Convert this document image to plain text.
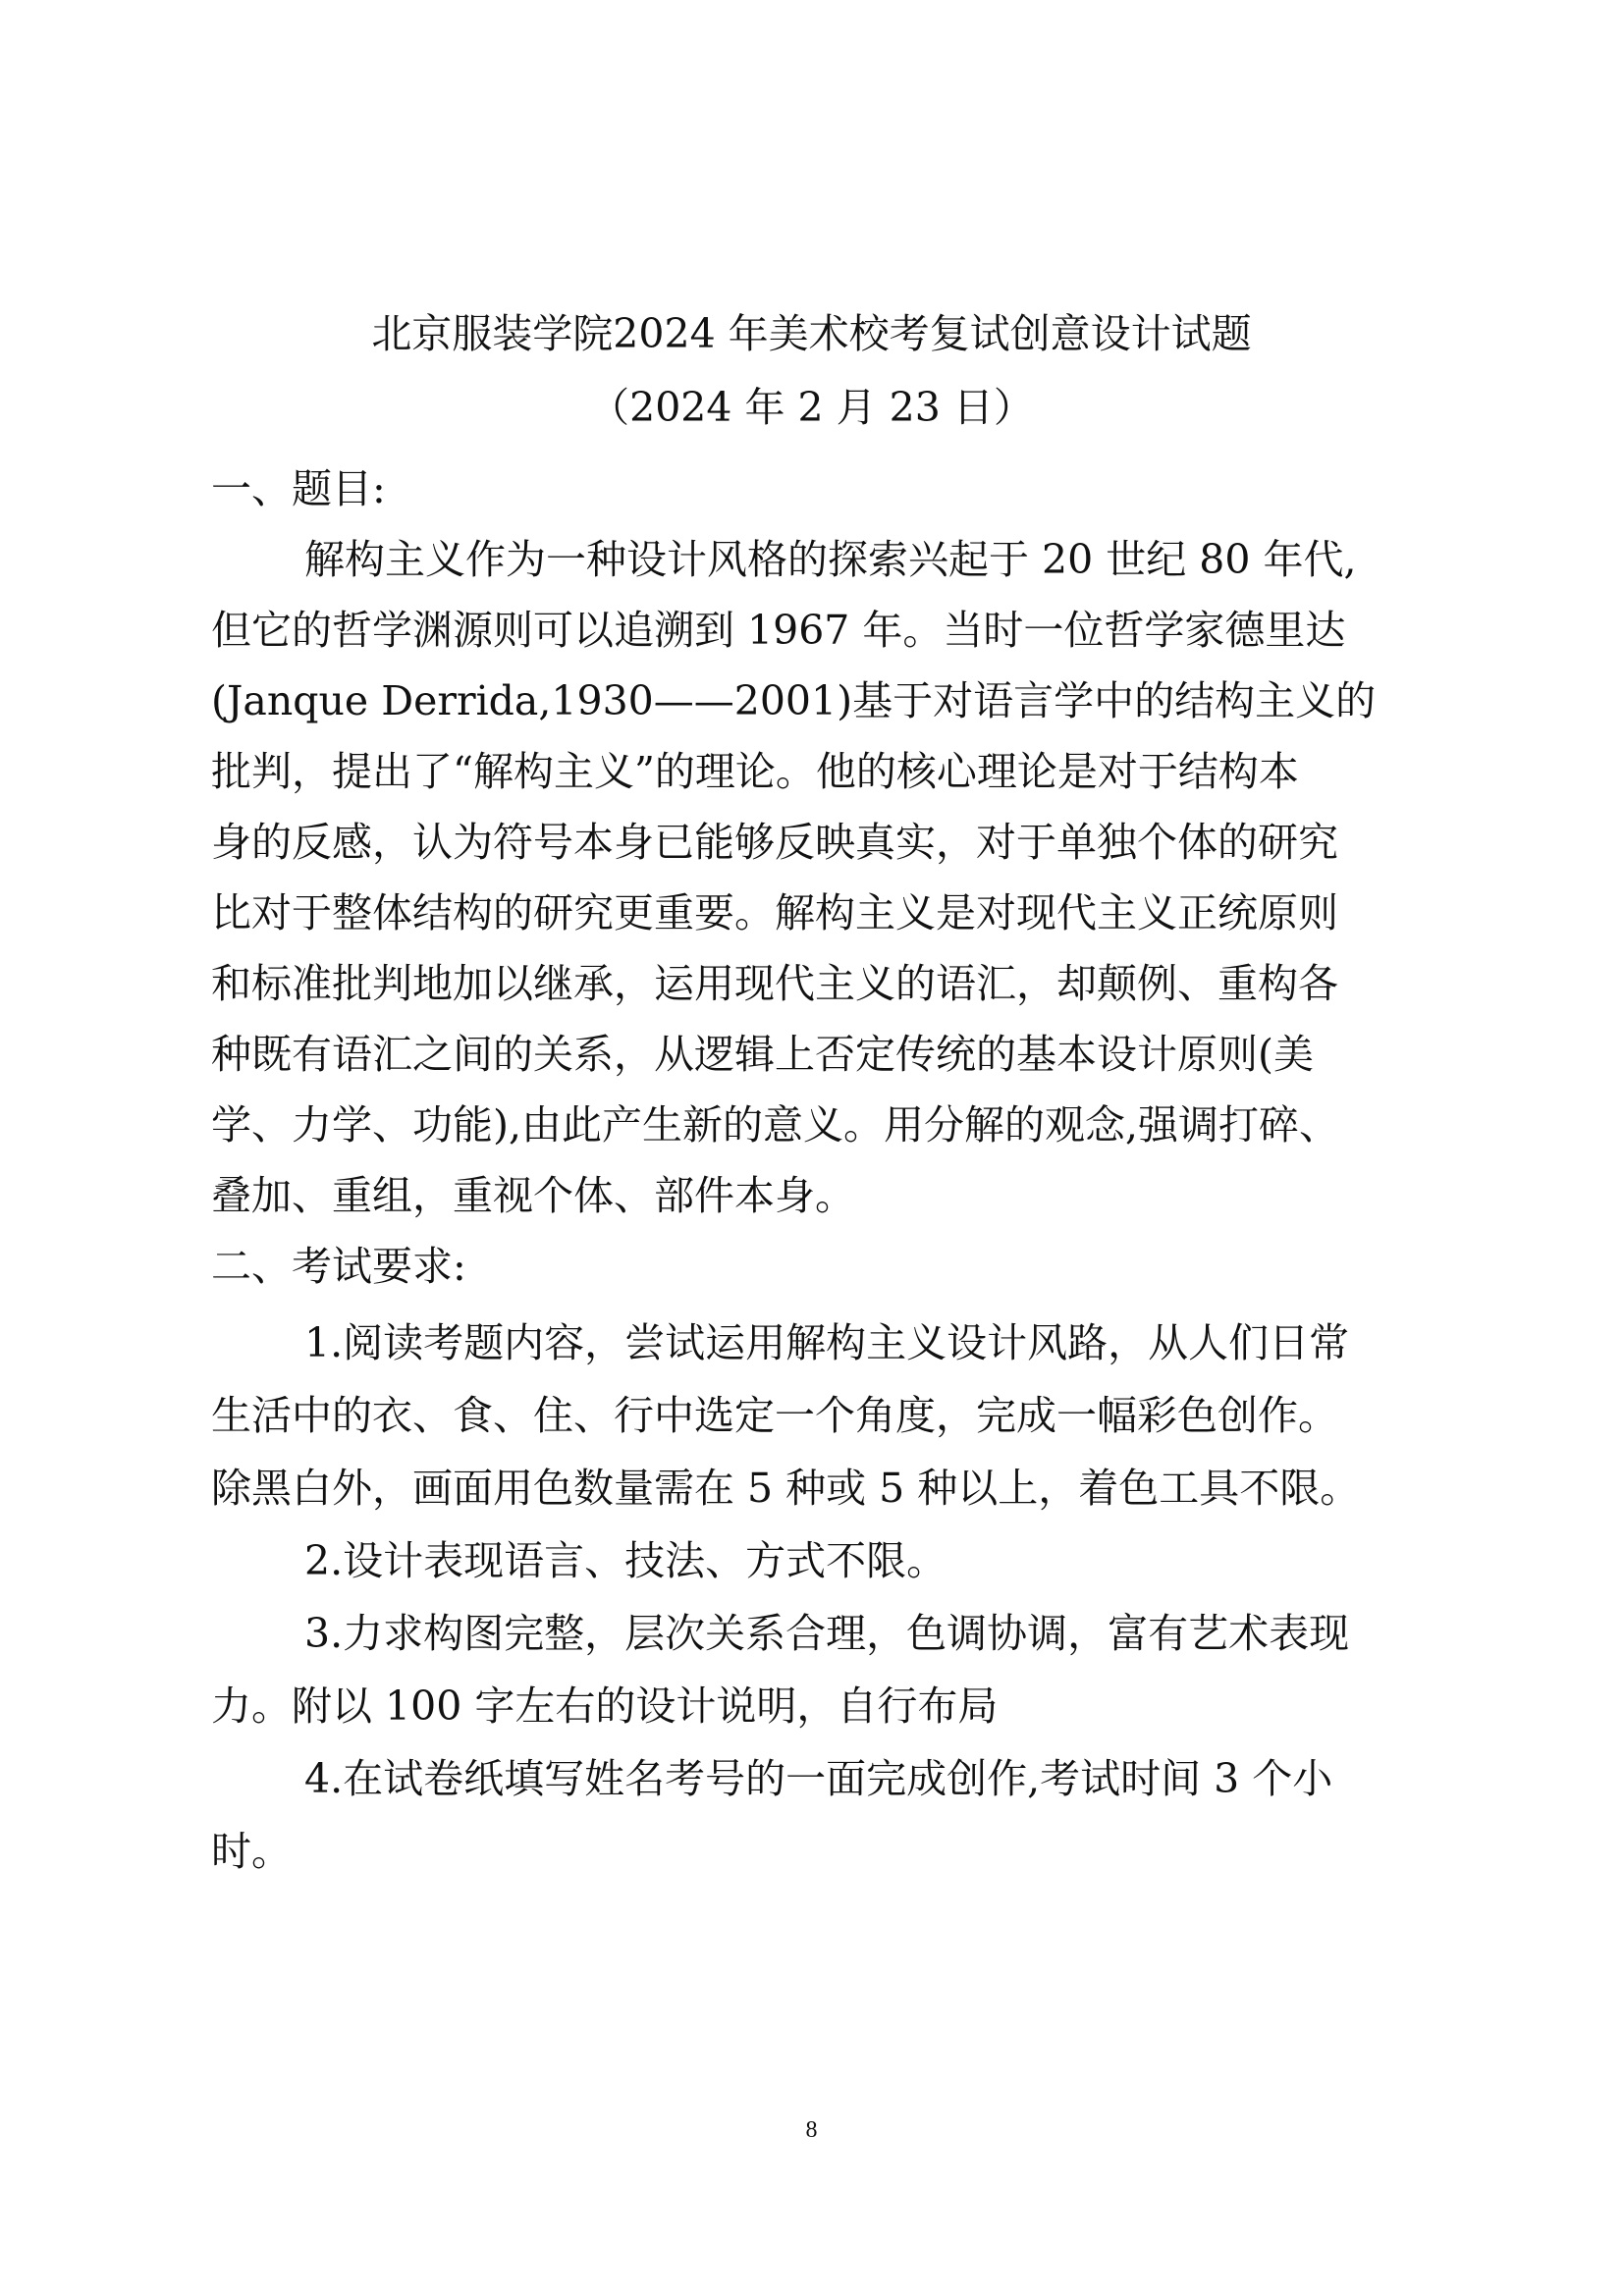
北京服装学院2024 年美术校考复试创意设计试题
（2024 年 2 月 23 日）
一、题目:
解构主义作为一种设计风格的探索兴起于 20 世纪 80 年代,
但它的哲学渊源则可以追溯到 1967 年。当时一位哲学家德里达
(Janque Derrida,1930——2001)基于对语言学中的结构主义的
批判，提出了“解构主义”的理论。他的核心理论是对于结构本
身的反感，认为符号本身已能够反映真实，对于单独个体的研究
比对于整体结构的研究更重要。解构主义是对现代主义正统原则
和标准批判地加以继承，运用现代主义的语汇，却颠例、重构各
种既有语汇之间的关系，从逻辑上否定传统的基本设计原则(美
学、力学、功能),由此产生新的意义。用分解的观念,强调打碎、
叠加、重组，重视个体、部件本身。
二、考试要求:
1.阅读考题内容，尝试运用解构主义设计风路，从人们日常
生活中的衣、食、住、行中选定一个角度，完成一幅彩色创作。
除黑白外，画面用色数量需在 5 种或 5 种以上，着色工具不限。
2.设计表现语言、技法、方式不限。
3.力求构图完整，层次关系合理，色调协调，富有艺术表现
力。附以 100 字左右的设计说明，自行布局
4.在试卷纸填写姓名考号的一面完成创作,考试时间 3 个小
时。
8
